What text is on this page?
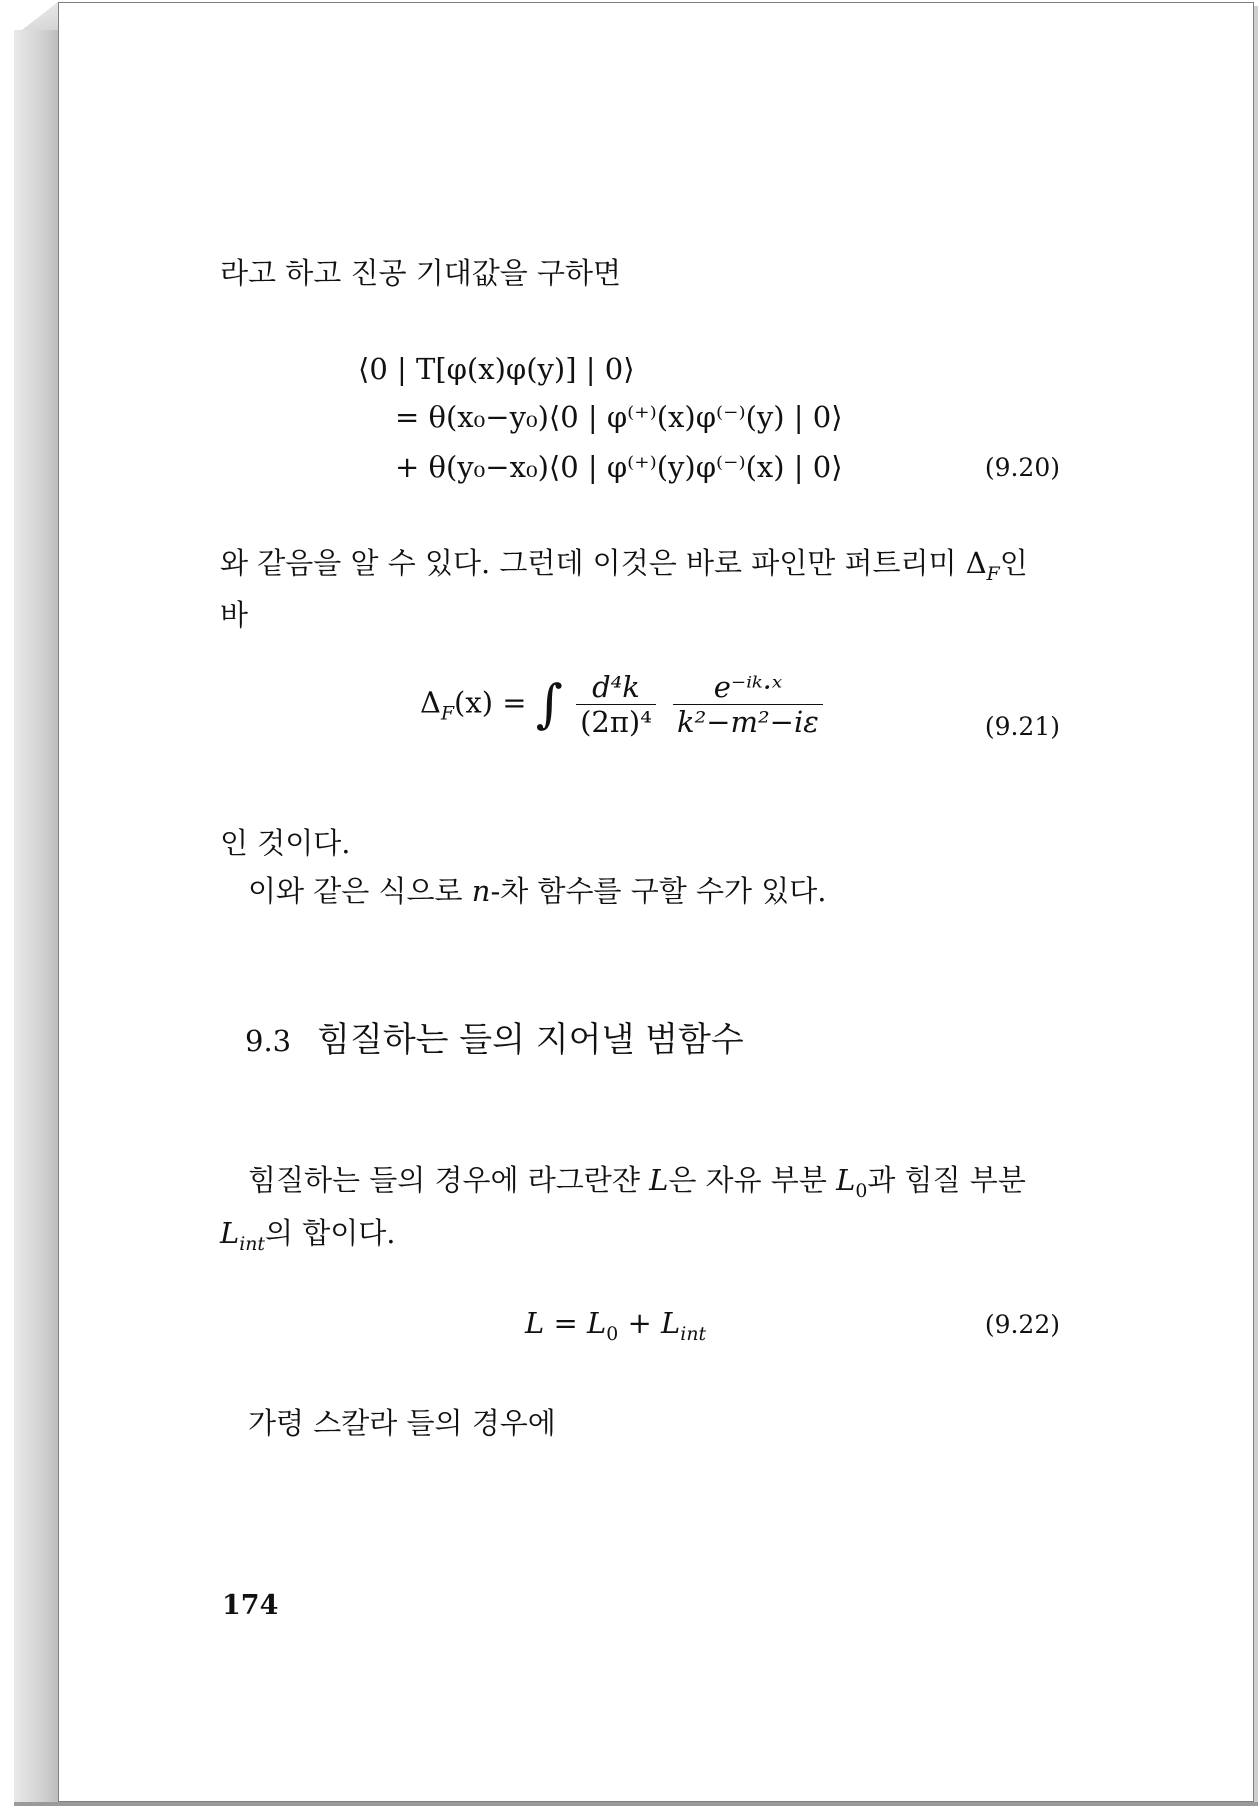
라고 하고 진공 기대값을 구하면
⟨0 | T[φ(x)φ(y)] | 0⟩
= θ(x₀−y₀)⟨0 | φ⁽⁺⁾(x)φ⁽⁻⁾(y) | 0⟩
+ θ(y₀−x₀)⟨0 | φ⁽⁺⁾(y)φ⁽⁻⁾(x) | 0⟩	(9.20)
와 같음을 알 수 있다. 그런데 이것은 바로 파인만 퍼트리미 $\Delta_F$인
바
$\Delta_F(x)$ = ∫ $\frac{\text{d⁴k}}{\text{(2π)⁴}}$
$\frac{\text{e⁻ⁱᵏ·ˣ}}{\text{k²−m²−iε}}$	(9.21)
인 것이다.
이와 같은 식으로 n-차 함수를 구할 수가 있다.
9.3 힘질하는 들의 지어낼 범함수
힘질하는 들의 경우에 라그란쟌 L은 자유 부분 $L_0$과 힘질 부분
$L_{int}$의 합이다.
$L = L_0 + L_{int}$	(9.22)
가령 스칼라 들의 경우에
174
